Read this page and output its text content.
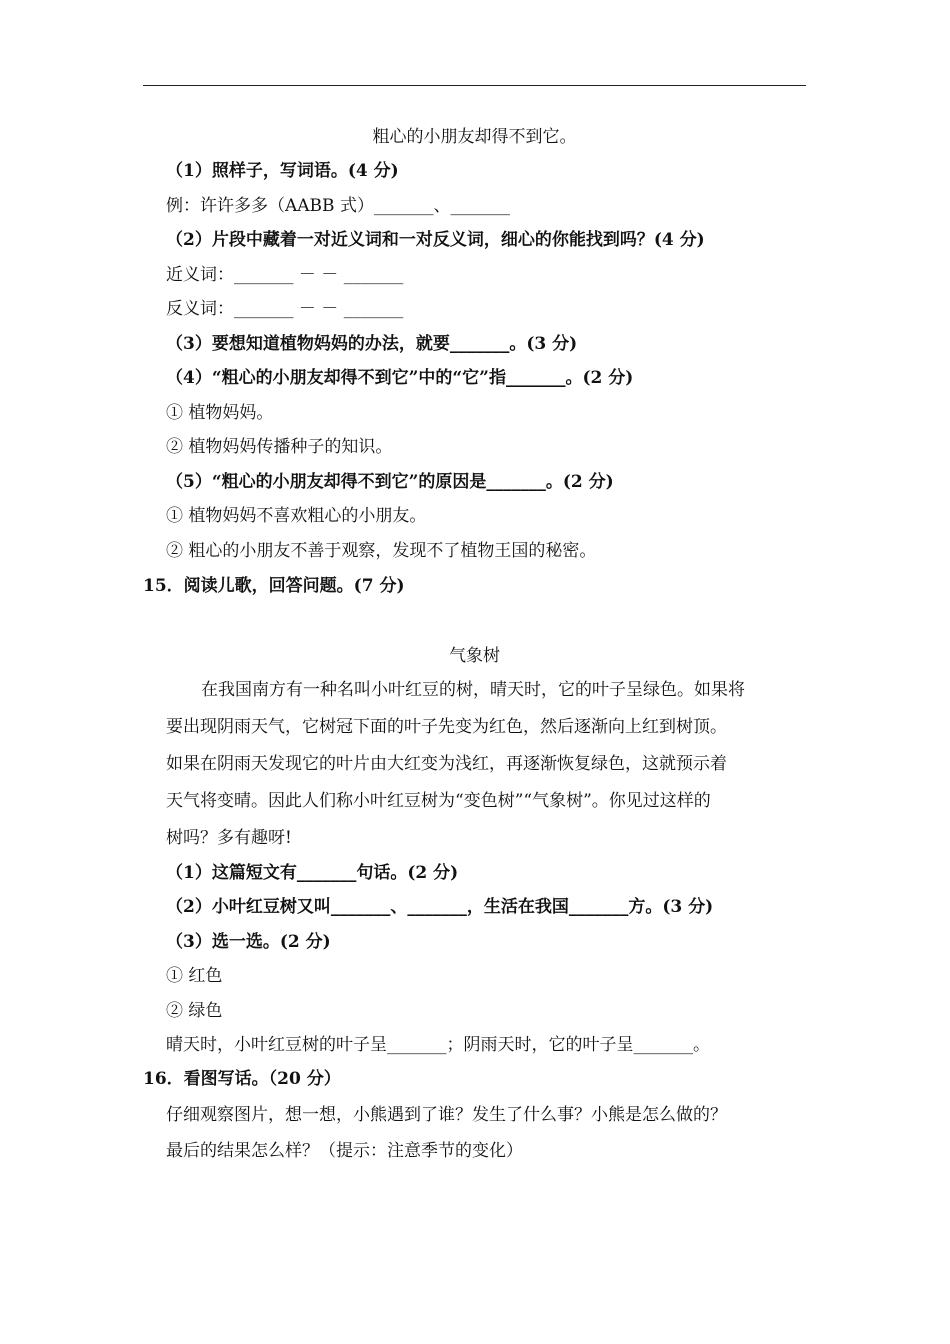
粗心的小朋友却得不到它。
（1）照样子，写词语。(4 分)
例：许许多多（AABB 式）_______、_______
（2）片段中藏着一对近义词和一对反义词，细心的你能找到吗？(4 分)
近义词：_______ － － _______
反义词：_______ － － _______
（3）要想知道植物妈妈的办法，就要_______。(3 分)
（4）“粗心的小朋友却得不到它”中的“它”指_______。(2 分)
① 植物妈妈。
② 植物妈妈传播种子的知识。
（5）“粗心的小朋友却得不到它”的原因是_______。(2 分)
① 植物妈妈不喜欢粗心的小朋友。
② 粗心的小朋友不善于观察，发现不了植物王国的秘密。
15．阅读儿歌，回答问题。(7 分)
气象树
在我国南方有一种名叫小叶红豆的树，晴天时，它的叶子呈绿色。如果将
要出现阴雨天气，它树冠下面的叶子先变为红色，然后逐渐向上红到树顶。
如果在阴雨天发现它的叶片由大红变为浅红，再逐渐恢复绿色，这就预示着
天气将变晴。因此人们称小叶红豆树为“变色树”“气象树”。你见过这样的
树吗？多有趣呀!
（1）这篇短文有_______句话。(2 分)
（2）小叶红豆树又叫_______、_______，生活在我国_______方。(3 分)
（3）选一选。(2 分)
① 红色
② 绿色
晴天时，小叶红豆树的叶子呈_______；阴雨天时，它的叶子呈_______。
16．看图写话。（20 分）
仔细观察图片，想一想，小熊遇到了谁？发生了什么事？小熊是怎么做的？
最后的结果怎么样？（提示：注意季节的变化）
